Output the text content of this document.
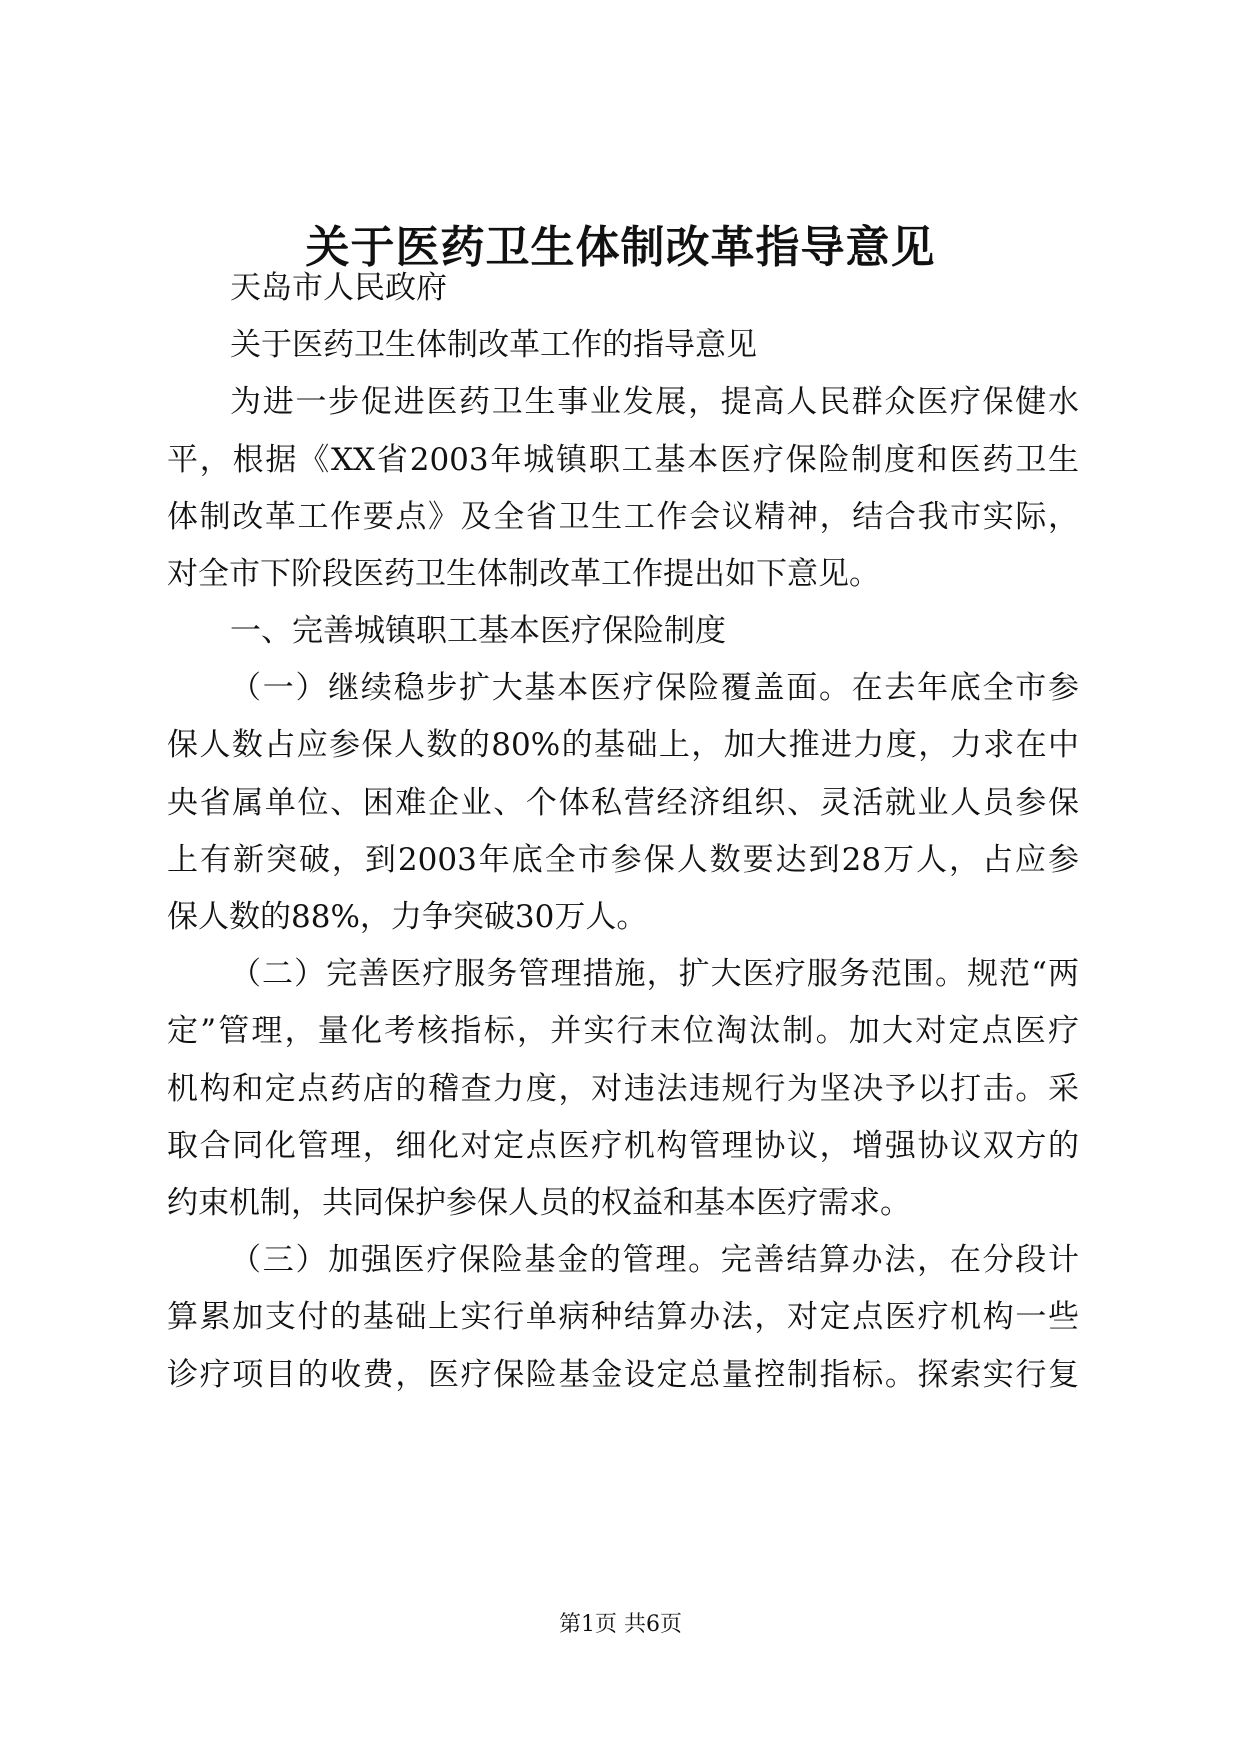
关于医药卫生体制改革指导意见

天岛市人民政府

关于医药卫生体制改革工作的指导意见

为进一步促进医药卫生事业发展，提高人民群众医疗保健水

平，根据《XX省2003年城镇职工基本医疗保险制度和医药卫生

体制改革工作要点》及全省卫生工作会议精神，结合我市实际，

对全市下阶段医药卫生体制改革工作提出如下意见。

一、完善城镇职工基本医疗保险制度

（一）继续稳步扩大基本医疗保险覆盖面。在去年底全市参

保人数占应参保人数的80%的基础上，加大推进力度，力求在中

央省属单位、困难企业、个体私营经济组织、灵活就业人员参保

上有新突破，到2003年底全市参保人数要达到28万人，占应参

保人数的88%，力争突破30万人。

（二）完善医疗服务管理措施，扩大医疗服务范围。规范“两

定”管理，量化考核指标，并实行末位淘汰制。加大对定点医疗

机构和定点药店的稽查力度，对违法违规行为坚决予以打击。采

取合同化管理，细化对定点医疗机构管理协议，增强协议双方的

约束机制，共同保护参保人员的权益和基本医疗需求。

（三）加强医疗保险基金的管理。完善结算办法，在分段计

算累加支付的基础上实行单病种结算办法，对定点医疗机构一些

诊疗项目的收费，医疗保险基金设定总量控制指标。探索实行复

第1页 共6页
